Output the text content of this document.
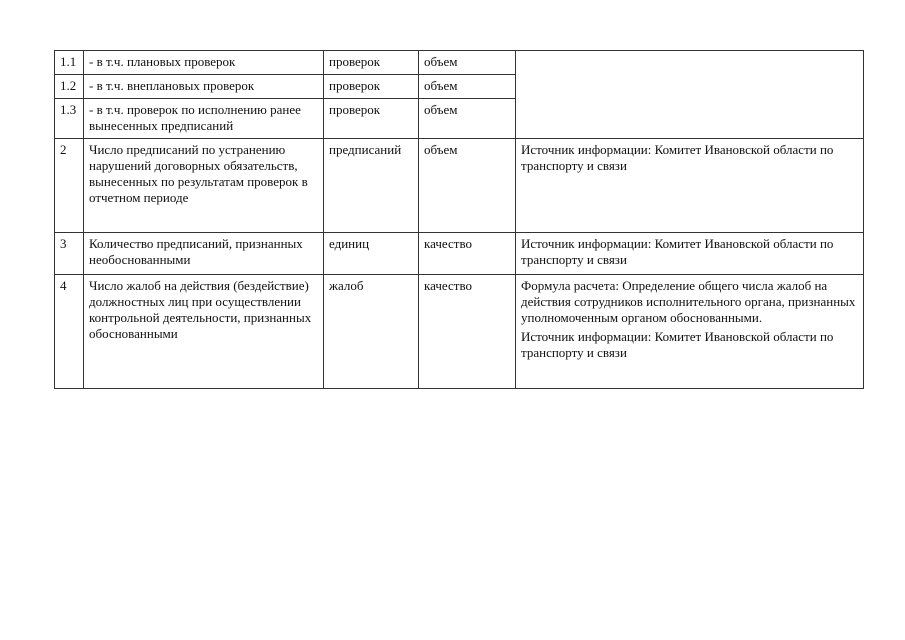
1.1	- в т.ч. плановых проверок	проверок	объем	
1.2	- в т.ч. внеплановых проверок	проверок	объем	
1.3	- в т.ч. проверок по исполнению ранее вынесенных предписаний	проверок	объем	
2	Число предписаний по устранению нарушений договорных обязательств, вынесенных по результатам проверок в отчетном периоде	предписаний	объем	Источник информации: Комитет Ивановской области по транспорту и связи

3	Количество предписаний, признанных необоснованными	единиц	качество	Источник информации: Комитет Ивановской области по транспорту и связи

4	Число жалоб на действия (бездействие) должностных лиц при осуществлении контрольной деятельности, признанных обоснованными	жалоб	качество	Формула расчета: Определение общего числа жалоб на действия сотрудников исполнительного органа, признанных уполномоченным органом обоснованными.
Источник информации: Комитет Ивановской области по транспорту и связи
